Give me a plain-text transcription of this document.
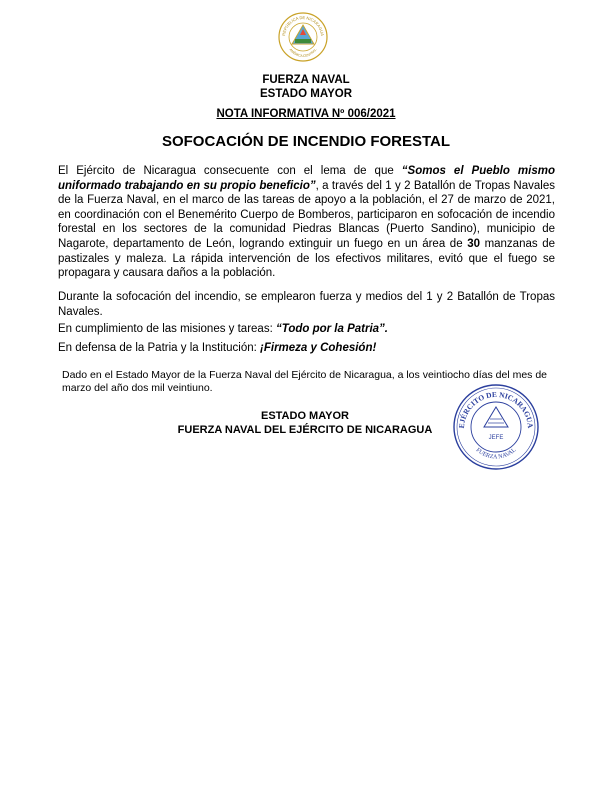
REPÚBLICA DE NICARAGUA
AMÉRICA CENTRAL
FUERZA NAVAL
ESTADO MAYOR
NOTA INFORMATIVA Nº 006/2021
SOFOCACIÓN DE INCENDIO FORESTAL

El Ejército de Nicaragua consecuente con el lema de que “Somos el Pueblo mismo uniformado trabajando en su propio beneficio”, a través del 1 y 2 Batallón de Tropas Navales de la Fuerza Naval, en el marco de las tareas de apoyo a la población, el 27 de marzo de 2021, en coordinación con el Benemérito Cuerpo de Bomberos, participaron en sofocación de incendio forestal en los sectores de la comunidad Piedras Blancas (Puerto Sandino), municipio de Nagarote, departamento de León, logrando extinguir un fuego en un área de 30 manzanas de pastizales y maleza. La rápida intervención de los efectivos militares, evitó que el fuego se propagara y causara daños a la población.

Durante la sofocación del incendio, se emplearon fuerza y medios del 1 y 2 Batallón de Tropas Navales.

En cumplimiento de las misiones y tareas: “Todo por la Patria”.

En defensa de la Patria y la Institución: ¡Firmeza y Cohesión!

Dado en el Estado Mayor de la Fuerza Naval del Ejército de Nicaragua, a los veintiocho días del mes de marzo del año dos mil veintiuno.

ESTADO MAYOR
FUERZA NAVAL DEL EJÉRCITO DE NICARAGUA	EJÉRCITO DE NICARAGUA
FUERZA NAVAL
JEFE
